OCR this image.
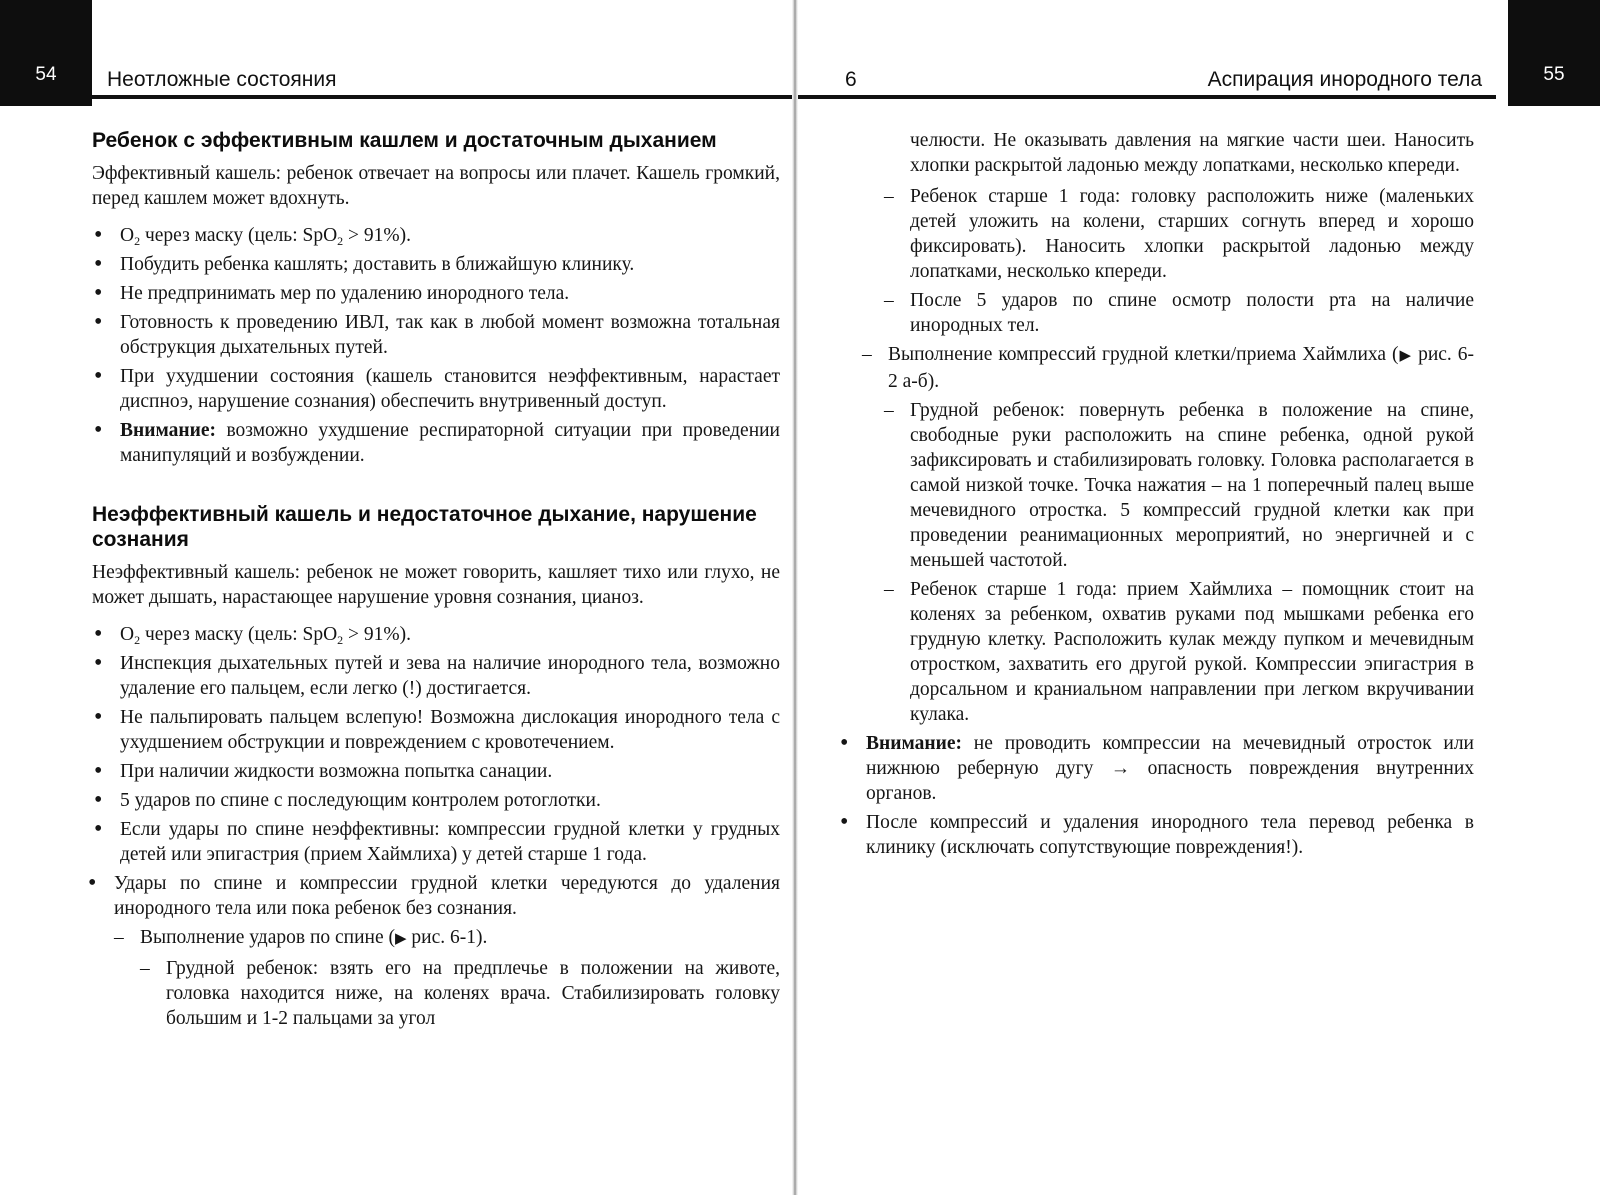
54	Неотложные состояния
Ребенок с эффективным кашлем и достаточным дыханием

Эффективный кашель: ребенок отвечает на вопросы или плачет. Кашель громкий, перед кашлем может вдохнуть.

• $O_2$ через маску (цель: SpO$_2$ > 91%).
• Побудить ребенка кашлять; доставить в ближайшую клинику.
• Не предпринимать мер по удалению инородного тела.
• Готовность к проведению ИВЛ, так как в любой момент возможна тотальная обструкция дыхательных путей.
• При ухудшении состояния (кашель становится неэффективным, нарастает диспноэ, нарушение сознания) обеспечить внутривенный доступ.
• Внимание: возможно ухудшение респираторной ситуации при проведении манипуляций и возбуждении.
Неэффективный кашель и недостаточное дыхание, нарушение сознания

Неэффективный кашель: ребенок не может говорить, кашляет тихо или глухо, не может дышать, нарастающее нарушение уровня сознания, цианоз.

• $O_2$ через маску (цель: SpO$_2$ > 91%).
• Инспекция дыхательных путей и зева на наличие инородного тела, возможно удаление его пальцем, если легко (!) достигается.
• Не пальпировать пальцем вслепую! Возможна дислокация инородного тела с ухудшением обструкции и повреждением с кровотечением.
• При наличии жидкости возможна попытка санации.
• 5 ударов по спине с последующим контролем ротоглотки.
• Если удары по спине неэффективны: компрессии грудной клетки у грудных детей или эпигастрия (прием Хаймлиха) у детей старше 1 года.
• Удары по спине и компрессии грудной клетки чередуются до удаления инородного тела или пока ребенок без сознания.
– Выполнение ударов по спине (▶ рис. 6-1).
– Грудной ребенок: взять его на предплечье в положении на животе, головка находится ниже, на коленях врача. Стабилизировать головку большим и 1-2 пальцами за угол
6	Аспирация инородного тела	55
челюсти. Не оказывать давления на мягкие части шеи. Наносить хлопки раскрытой ладонью между лопатками, несколько кпереди.
– Ребенок старше 1 года: головку расположить ниже (маленьких детей уложить на колени, старших согнуть вперед и хорошо фиксировать). Наносить хлопки раскрытой ладонью между лопатками, несколько кпереди.
– После 5 ударов по спине осмотр полости рта на наличие инородных тел.
– Выполнение компрессий грудной клетки/приема Хаймлиха (▶ рис. 6-2 а-б).
– Грудной ребенок: повернуть ребенка в положение на спине, свободные руки расположить на спине ребенка, одной рукой зафиксировать и стабилизировать головку. Головка располагается в самой низкой точке. Точка нажатия – на 1 поперечный палец выше мечевидного отростка. 5 компрессий грудной клетки как при проведении реанимационных мероприятий, но энергичней и с меньшей частотой.
– Ребенок старше 1 года: прием Хаймлиха – помощник стоит на коленях за ребенком, охватив руками под мышками ребенка его грудную клетку. Расположить кулак между пупком и мечевидным отростком, захватить его другой рукой. Компрессии эпигастрия в дорсальном и краниальном направлении при легком вкручивании кулака.
• Внимание: не проводить компрессии на мечевидный отросток или нижнюю реберную дугу → опасность повреждения внутренних органов.
• После компрессий и удаления инородного тела перевод ребенка в клинику (исключать сопутствующие повреждения!).
